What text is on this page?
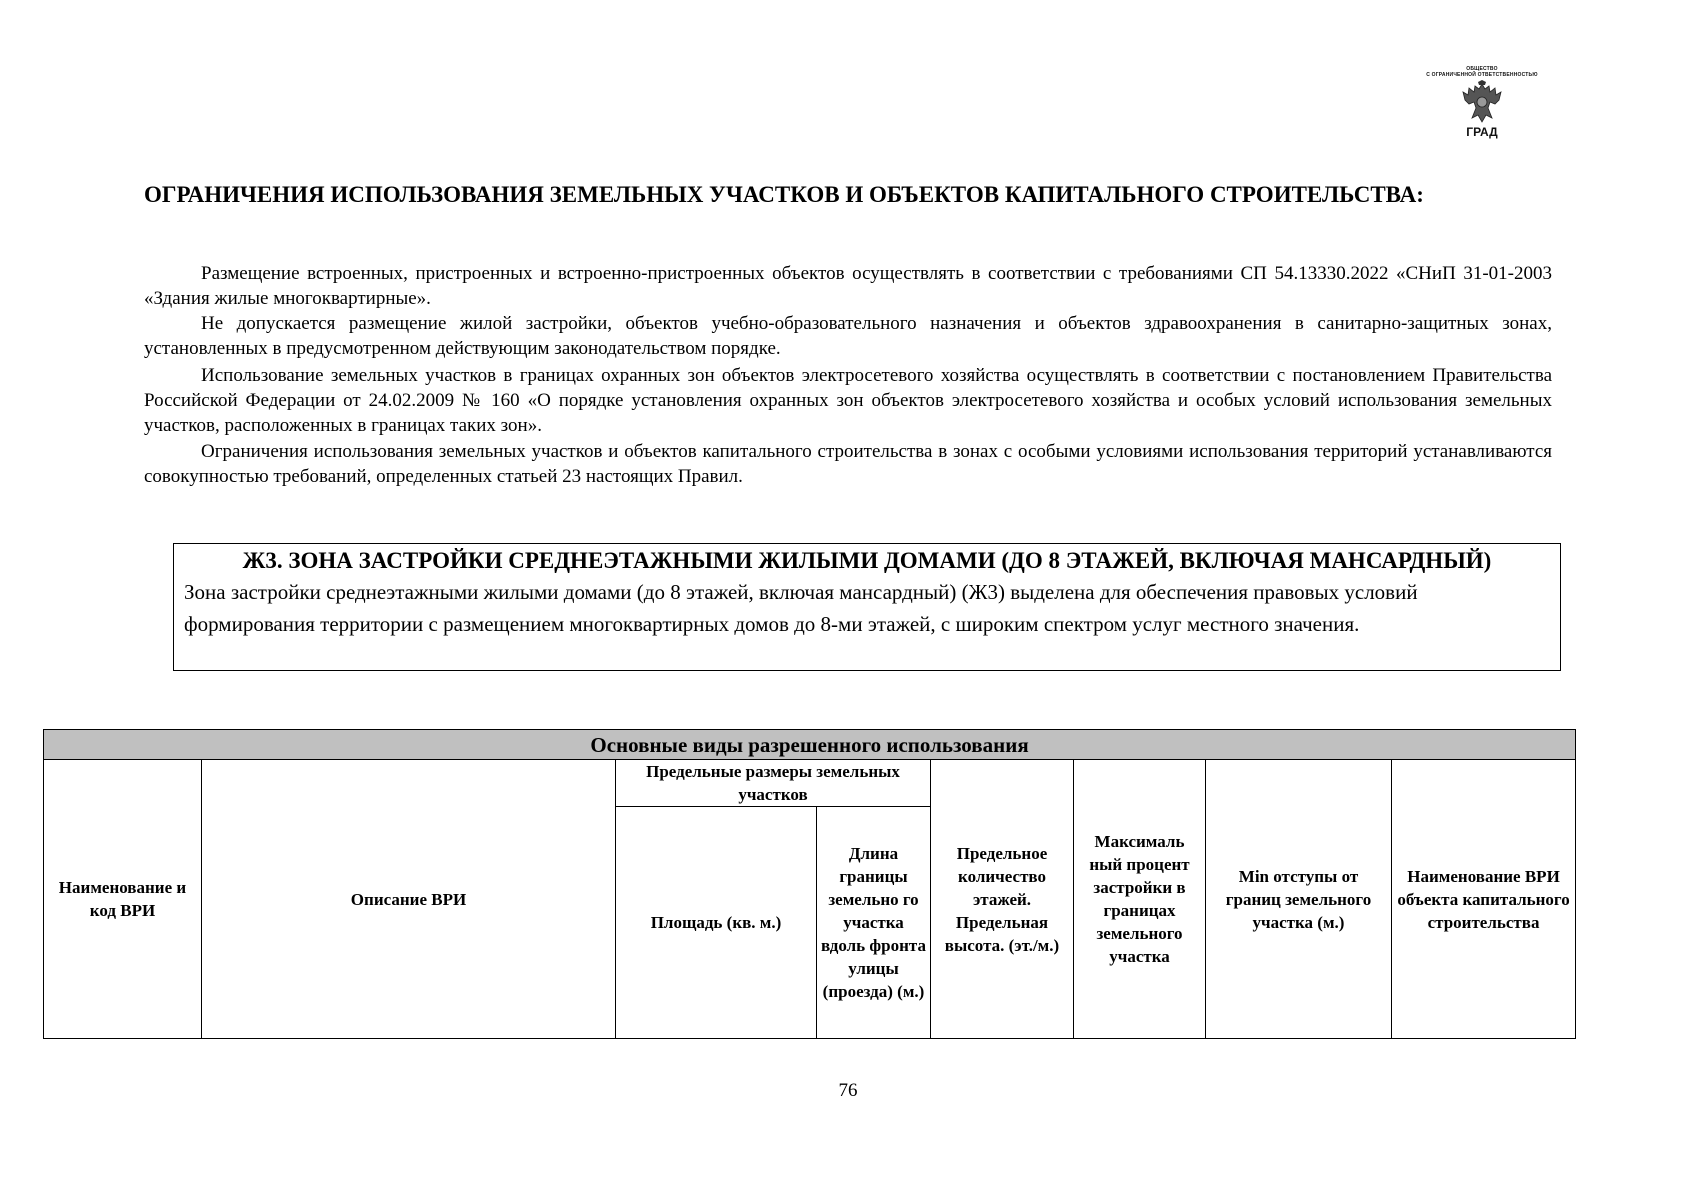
ОБЩЕСТВО
С ОГРАНИЧЕННОЙ ОТВЕТСТВЕННОСТЬЮ
ГРАД
ОГРАНИЧЕНИЯ ИСПОЛЬЗОВАНИЯ ЗЕМЕЛЬНЫХ УЧАСТКОВ И ОБЪЕКТОВ КАПИТАЛЬНОГО СТРОИТЕЛЬСТВА:

Размещение встроенных, пристроенных и встроенно-пристроенных объектов осуществлять в соответствии с требованиями СП 54.13330.2022 «СНиП 31-01-2003 «Здания жилые многоквартирные».

Не допускается размещение жилой застройки, объектов учебно-образовательного назначения и объектов здравоохранения в санитарно-защитных зонах, установленных в предусмотренном действующим законодательством порядке.

Использование земельных участков в границах охранных зон объектов электросетевого хозяйства осуществлять в соответствии с постановлением Правительства Российской Федерации от 24.02.2009 № 160 «О порядке установления охранных зон объектов электросетевого хозяйства и особых условий использования земельных участков, расположенных в границах таких зон».

Ограничения использования земельных участков и объектов капитального строительства в зонах с особыми условиями использования территорий устанавливаются совокупностью требований, определенных статьей 23 настоящих Правил.

Ж3. ЗОНА ЗАСТРОЙКИ СРЕДНЕЭТАЖНЫМИ ЖИЛЫМИ ДОМАМИ (ДО 8 ЭТАЖЕЙ, ВКЛЮЧАЯ МАНСАРДНЫЙ)

Зона застройки среднеэтажными жилыми домами (до 8 этажей, включая мансардный) (Ж3) выделена для обеспечения правовых условий формирования территории с размещением многоквартирных домов до 8-ми этажей, с широким спектром услуг местного значения.

Основные виды разрешенного использования							
Наименование и код ВРИ	Описание ВРИ	Предельные размеры земельных участков		Предельное количество этажей. Предельная высота. (эт./м.)	Максималь ный процент застройки в границах земельного участка	Min отступы от границ земельного участка (м.)	Наименование ВРИ объекта капитального строительства
		Площадь (кв. м.)	Длина границы земельно го участка вдоль фронта улицы (проезда) (м.)				
76
